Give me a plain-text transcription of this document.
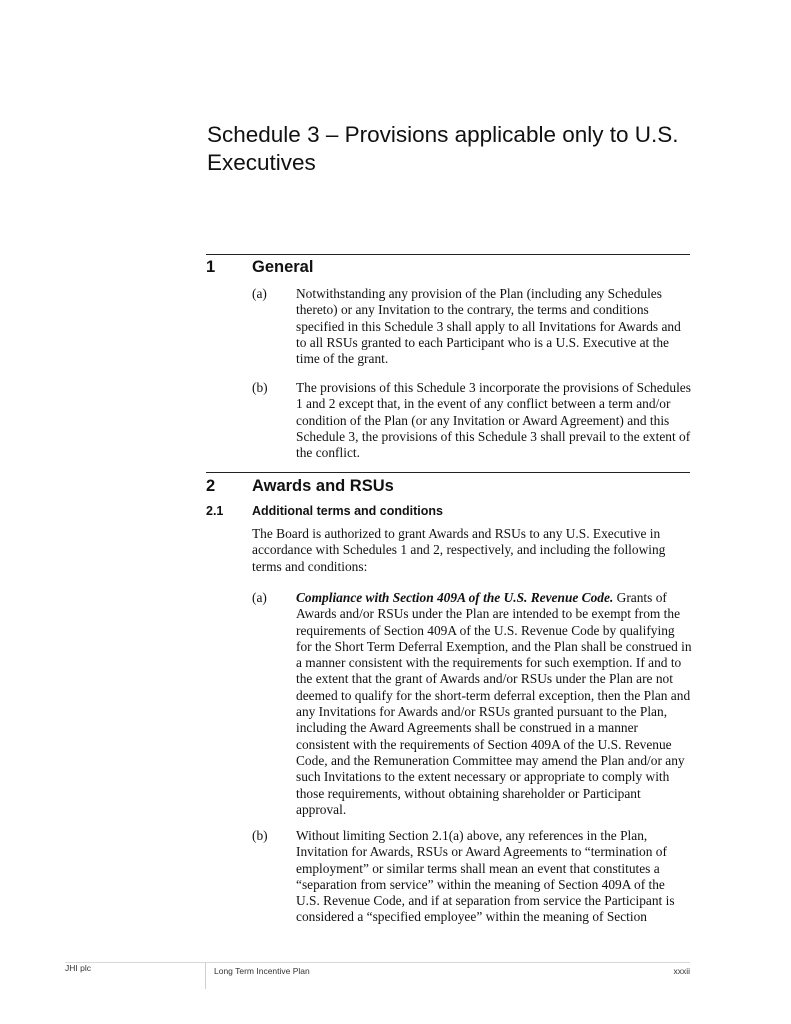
Schedule 3 – Provisions applicable only to U.S. Executives
1 General
(a) Notwithstanding any provision of the Plan (including any Schedules thereto) or any Invitation to the contrary, the terms and conditions specified in this Schedule 3 shall apply to all Invitations for Awards and to all RSUs granted to each Participant who is a U.S. Executive at the time of the grant.

(b) The provisions of this Schedule 3 incorporate the provisions of Schedules 1 and 2 except that, in the event of any conflict between a term and/or condition of the Plan (or any Invitation or Award Agreement) and this Schedule 3, the provisions of this Schedule 3 shall prevail to the extent of the conflict.

2 Awards and RSUs
2.1 Additional terms and conditions

The Board is authorized to grant Awards and RSUs to any U.S. Executive in accordance with Schedules 1 and 2, respectively, and including the following terms and conditions:

(a) Compliance with Section 409A of the U.S. Revenue Code. Grants of Awards and/or RSUs under the Plan are intended to be exempt from the requirements of Section 409A of the U.S. Revenue Code by qualifying for the Short Term Deferral Exemption, and the Plan shall be construed in a manner consistent with the requirements for such exemption. If and to the extent that the grant of Awards and/or RSUs under the Plan are not deemed to qualify for the short-term deferral exception, then the Plan and any Invitations for Awards and/or RSUs granted pursuant to the Plan, including the Award Agreements shall be construed in a manner consistent with the requirements of Section 409A of the U.S. Revenue Code, and the Remuneration Committee may amend the Plan and/or any such Invitations to the extent necessary or appropriate to comply with those requirements, without obtaining shareholder or Participant approval.

(b) Without limiting Section 2.1(a) above, any references in the Plan, Invitation for Awards, RSUs or Award Agreements to “termination of employment” or similar terms shall mean an event that constitutes a “separation from service” within the meaning of Section 409A of the U.S. Revenue Code, and if at separation from service the Participant is considered a “specified employee” within the meaning of Section

JHI plc	Long Term Incentive Plan	xxxii
